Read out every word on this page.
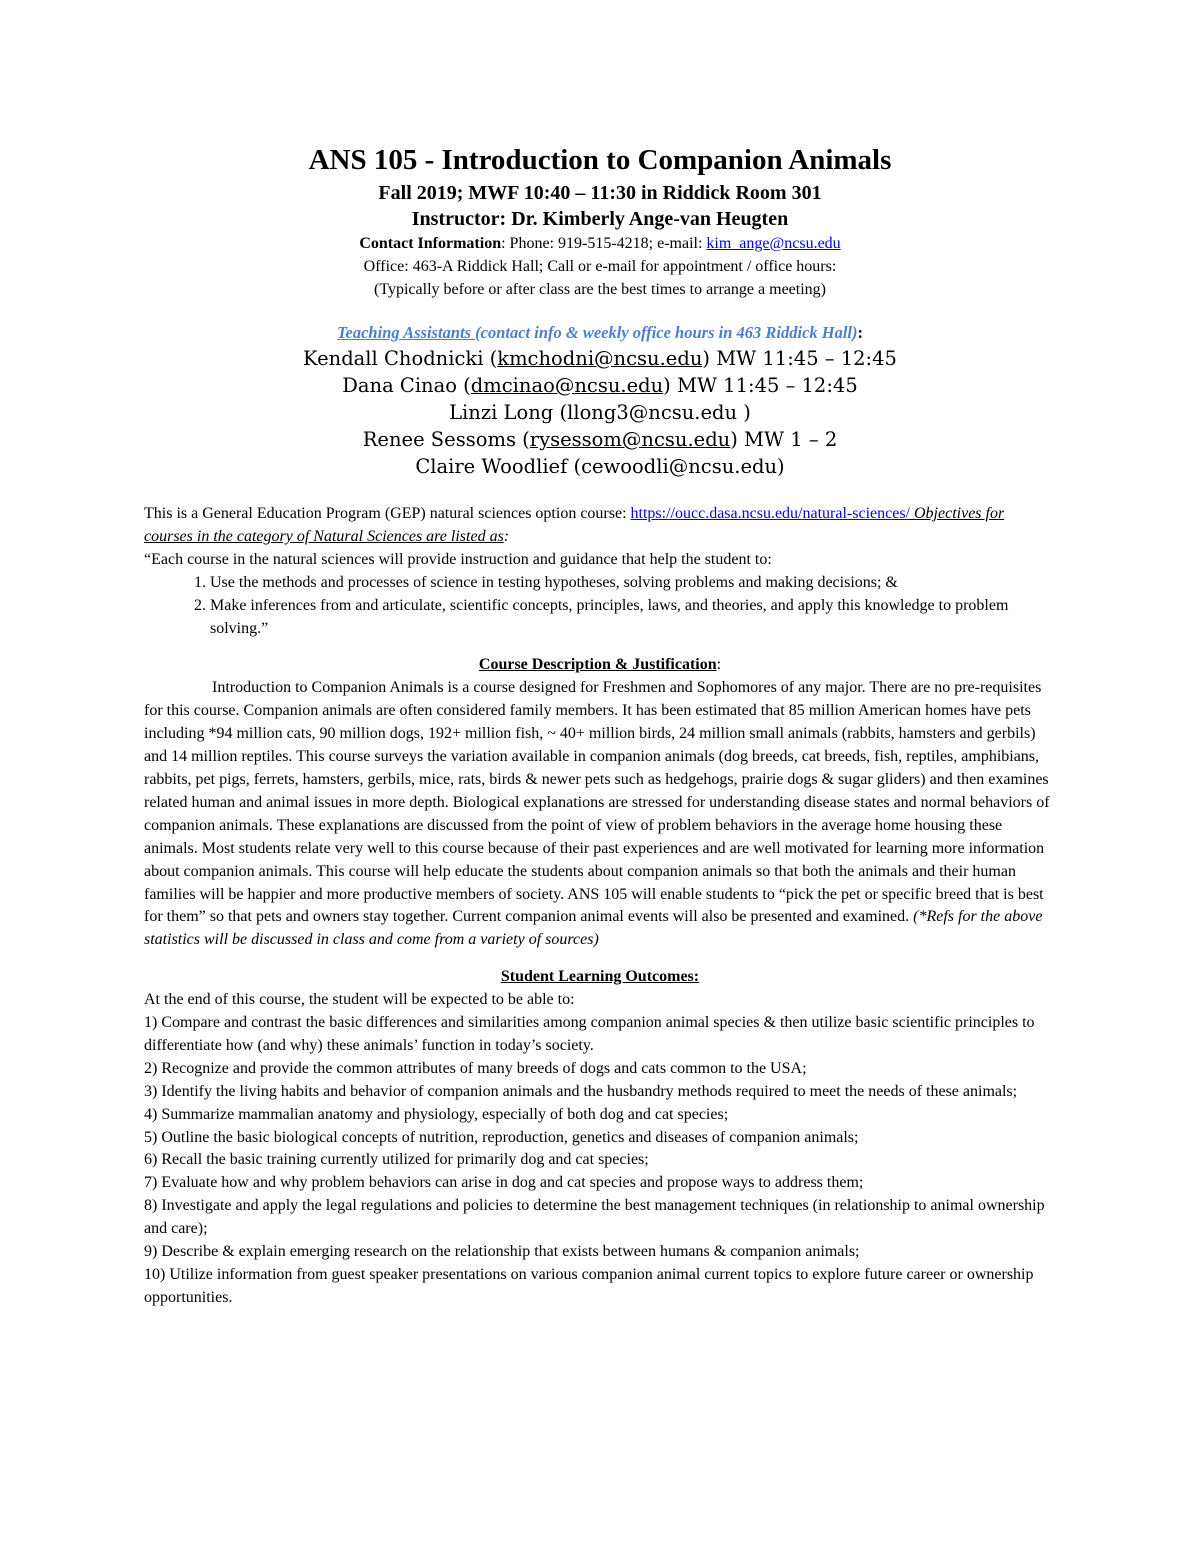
ANS 105 - Introduction to Companion Animals
Fall 2019; MWF 10:40 – 11:30 in Riddick Room 301
Instructor: Dr. Kimberly Ange-van Heugten
Contact Information: Phone: 919-515-4218; e-mail: kim_ange@ncsu.edu
Office: 463-A Riddick Hall; Call or e-mail for appointment / office hours:
(Typically before or after class are the best times to arrange a meeting)
Teaching Assistants (contact info & weekly office hours in 463 Riddick Hall):
Kendall Chodnicki (kmchodni@ncsu.edu) MW 11:45 – 12:45
Dana Cinao (dmcinao@ncsu.edu) MW 11:45 – 12:45
Linzi Long (llong3@ncsu.edu )
Renee Sessoms (rysessom@ncsu.edu) MW 1 – 2
Claire Woodlief (cewoodli@ncsu.edu)

This is a General Education Program (GEP) natural sciences option course: https://oucc.dasa.ncsu.edu/natural-sciences/ Objectives for courses in the category of Natural Sciences are listed as:

“Each course in the natural sciences will provide instruction and guidance that help the student to:

1. Use the methods and processes of science in testing hypotheses, solving problems and making decisions; &
2. Make inferences from and articulate, scientific concepts, principles, laws, and theories, and apply this knowledge to problem solving.”
Course Description & Justification:

Introduction to Companion Animals is a course designed for Freshmen and Sophomores of any major. There are no pre-requisites for this course. Companion animals are often considered family members. It has been estimated that 85 million American homes have pets including *94 million cats, 90 million dogs, 192+ million fish, ~ 40+ million birds, 24 million small animals (rabbits, hamsters and gerbils) and 14 million reptiles. This course surveys the variation available in companion animals (dog breeds, cat breeds, fish, reptiles, amphibians, rabbits, pet pigs, ferrets, hamsters, gerbils, mice, rats, birds & newer pets such as hedgehogs, prairie dogs & sugar gliders) and then examines related human and animal issues in more depth. Biological explanations are stressed for understanding disease states and normal behaviors of companion animals. These explanations are discussed from the point of view of problem behaviors in the average home housing these animals. Most students relate very well to this course because of their past experiences and are well motivated for learning more information about companion animals. This course will help educate the students about companion animals so that both the animals and their human families will be happier and more productive members of society. ANS 105 will enable students to “pick the pet or specific breed that is best for them” so that pets and owners stay together. Current companion animal events will also be presented and examined. (*Refs for the above statistics will be discussed in class and come from a variety of sources)

Student Learning Outcomes:

At the end of this course, the student will be expected to be able to:

1) Compare and contrast the basic differences and similarities among companion animal species & then utilize basic scientific principles to differentiate how (and why) these animals’ function in today’s society.

2) Recognize and provide the common attributes of many breeds of dogs and cats common to the USA;

3) Identify the living habits and behavior of companion animals and the husbandry methods required to meet the needs of these animals;

4) Summarize mammalian anatomy and physiology, especially of both dog and cat species;

5) Outline the basic biological concepts of nutrition, reproduction, genetics and diseases of companion animals;

6) Recall the basic training currently utilized for primarily dog and cat species;

7) Evaluate how and why problem behaviors can arise in dog and cat species and propose ways to address them;

8) Investigate and apply the legal regulations and policies to determine the best management techniques (in relationship to animal ownership and care);

9) Describe & explain emerging research on the relationship that exists between humans & companion animals;

10) Utilize information from guest speaker presentations on various companion animal current topics to explore future career or ownership opportunities.
